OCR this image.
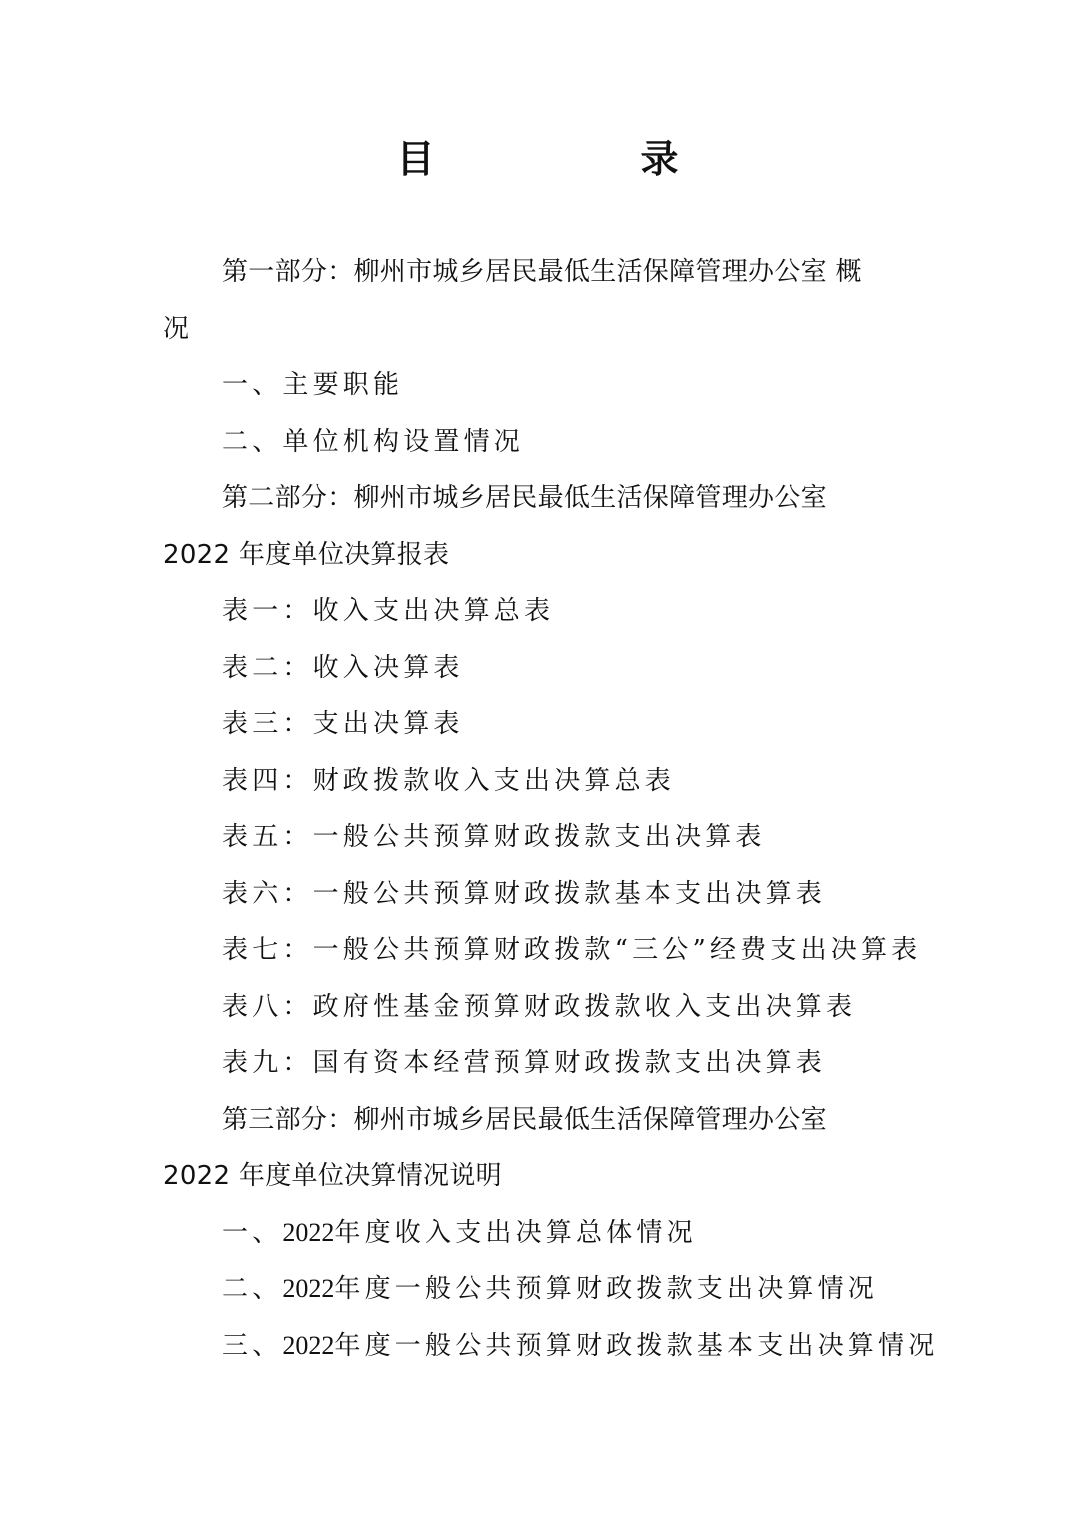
目　录
第一部分：柳州市城乡居民最低生活保障管理办公室 概
况
一、主要职能
二、单位机构设置情况
第二部分：柳州市城乡居民最低生活保障管理办公室
2022 年度单位决算报表
表一：收入支出决算总表
表二：收入决算表
表三：支出决算表
表四：财政拨款收入支出决算总表
表五：一般公共预算财政拨款支出决算表
表六：一般公共预算财政拨款基本支出决算表
表七：一般公共预算财政拨款“三公”经费支出决算表
表八：政府性基金预算财政拨款收入支出决算表
表九：国有资本经营预算财政拨款支出决算表
第三部分：柳州市城乡居民最低生活保障管理办公室
2022 年度单位决算情况说明
一、2022年度收入支出决算总体情况
二、2022年度一般公共预算财政拨款支出决算情况
三、2022年度一般公共预算财政拨款基本支出决算情况
